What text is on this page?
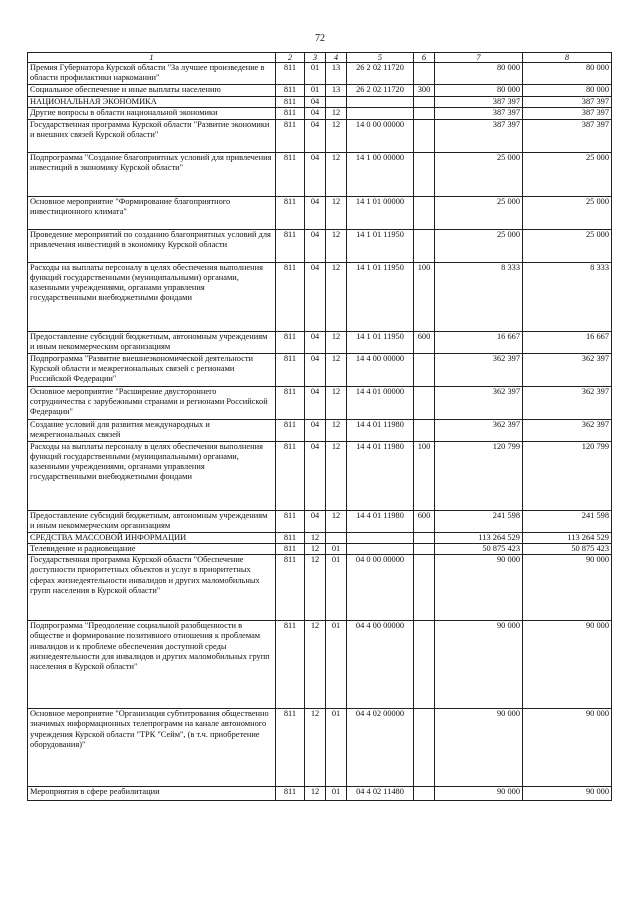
72
1	2	3	4	5	6	7	8
Премия Губернатора Курской области "За лучшее произведение в области профилактики наркомании"	811	01	13	26 2 02 11720		80 000	80 000
Социальное обеспечение и иные выплаты населению	811	01	13	26 2 02 11720	300	80 000	80 000
НАЦИОНАЛЬНАЯ ЭКОНОМИКА	811	04				387 397	387 397
Другие вопросы в области национальной экономики	811	04	12			387 397	387 397
Государственная программа Курской области "Развитие экономики и внешних связей Курской области"	811	04	12	14 0 00 00000		387 397	387 397
Подпрограмма "Создание благоприятных условий для привлечения инвестиций в экономику Курской области"	811	04	12	14 1 00 00000		25 000	25 000
Основное мероприятие "Формирование благоприятного инвестиционного климата"	811	04	12	14 1 01 00000		25 000	25 000
Проведение мероприятий по созданию благоприятных условий для привлечения инвестиций в экономику Курской области	811	04	12	14 1 01 11950		25 000	25 000
Расходы на выплаты персоналу в целях обеспечения выполнения функций государственными (муниципальными) органами, казенными учреждениями, органами управления государственными внебюджетными фондами	811	04	12	14 1 01 11950	100	8 333	8 333
Предоставление субсидий бюджетным, автономным учреждениям и иным некоммерческим организациям	811	04	12	14 1 01 11950	600	16 667	16 667
Подпрограмма "Развитие внешнеэкономической деятельности Курской области и межрегиональных связей с регионами Российской Федерации"	811	04	12	14 4 00 00000		362 397	362 397
Основное мероприятие "Расширение двустороннего сотрудничества с зарубежными странами и регионами Российской Федерации"	811	04	12	14 4 01 00000		362 397	362 397
Создание условий для развития международных и межрегиональных связей	811	04	12	14 4 01 11980		362 397	362 397
Расходы на выплаты персоналу в целях обеспечения выполнения функций государственными (муниципальными) органами, казенными учреждениями, органами управления государственными внебюджетными фондами	811	04	12	14 4 01 11980	100	120 799	120 799
Предоставление субсидий бюджетным, автономным учреждениям и иным некоммерческим организациям	811	04	12	14 4 01 11980	600	241 598	241 598
СРЕДСТВА МАССОВОЙ ИНФОРМАЦИИ	811	12				113 264 529	113 264 529
Телевидение и радиовещание	811	12	01			50 875 423	50 875 423
Государственная программа Курской области "Обеспечение доступности приоритетных объектов и услуг в приоритетных сферах жизнедеятельности инвалидов и других маломобильных групп населения в Курской области"	811	12	01	04 0 00 00000		90 000	90 000
Подпрограмма "Преодоление социальной разобщенности в обществе и формирование позитивного отношения к проблемам инвалидов и к проблеме обеспечения доступной среды жизнедеятельности для инвалидов и других маломобильных групп населения в Курской области"	811	12	01	04 4 00 00000		90 000	90 000
Основное мероприятие "Организация субтитрования общественно значимых информационных телепрограмм на канале автономного учреждения Курской области "ТРК "Сейм", (в т.ч. приобретение оборудования)"	811	12	01	04 4 02 00000		90 000	90 000
Мероприятия в сфере реабилитации	811	12	01	04 4 02 11480		90 000	90 000
